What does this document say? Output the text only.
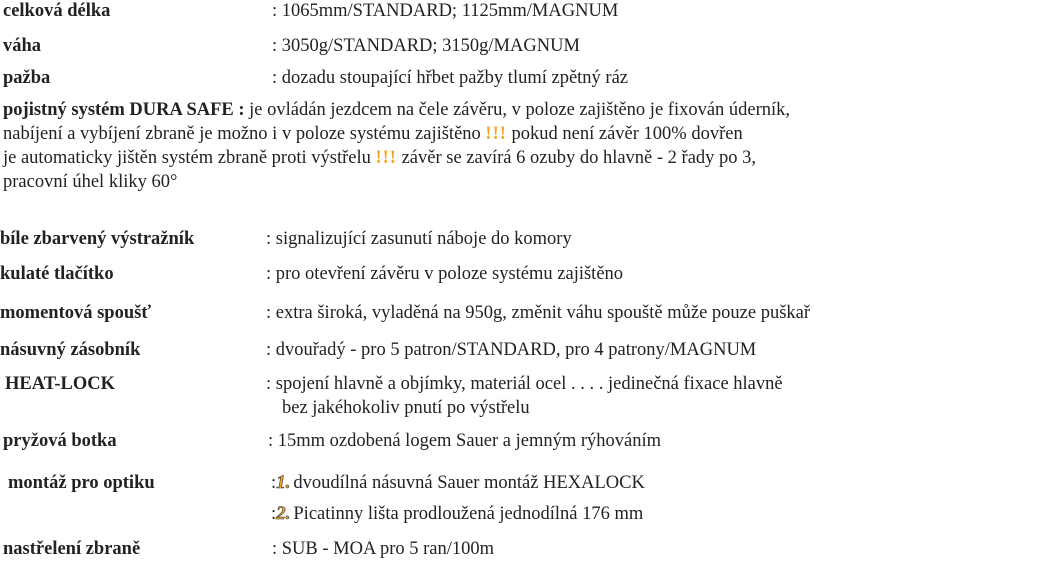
celková délka	: 1065mm/STANDARD; 1125mm/MAGNUM
váha	: 3050g/STANDARD; 3150g/MAGNUM
pažba	: dozadu stoupající hřbet pažby tlumí zpětný ráz
pojistný systém DURA SAFE : je ovládán jezdcem na čele závěru, v poloze zajištěno je fixován úderník,
nabíjení a vybíjení zbraně je možno i v poloze systému zajištěno !!! pokud není závěr 100% dovřen
je automaticky jištěn systém zbraně proti výstřelu !!! závěr se zavírá 6 ozuby do hlavně - 2 řady po 3,
pracovní úhel kliky 60°
bíle zbarvený výstražník	: signalizující zasunutí náboje do komory
kulaté tlačítko	: pro otevření závěru v poloze systému zajištěno
momentová spoušť	: extra široká, vyladěná na 950g, změnit váhu spouště může pouze puškař
násuvný zásobník	: dvouřadý - pro 5 patron/STANDARD, pro 4 patrony/MAGNUM
HEAT-LOCK	: spojení hlavně a objímky, materiál ocel . . . . jedinečná fixace hlavně
bez jakéhokoliv pnutí po výstřelu
pryžová botka	: 15mm ozdobená logem Sauer a jemným rýhováním
montáž pro optiku	:1. dvoudílná násuvná Sauer montáž HEXALOCK
:2. Picatinny lišta prodloužená jednodílná 176 mm
nastřelení zbraně	: SUB - MOA pro 5 ran/100m
